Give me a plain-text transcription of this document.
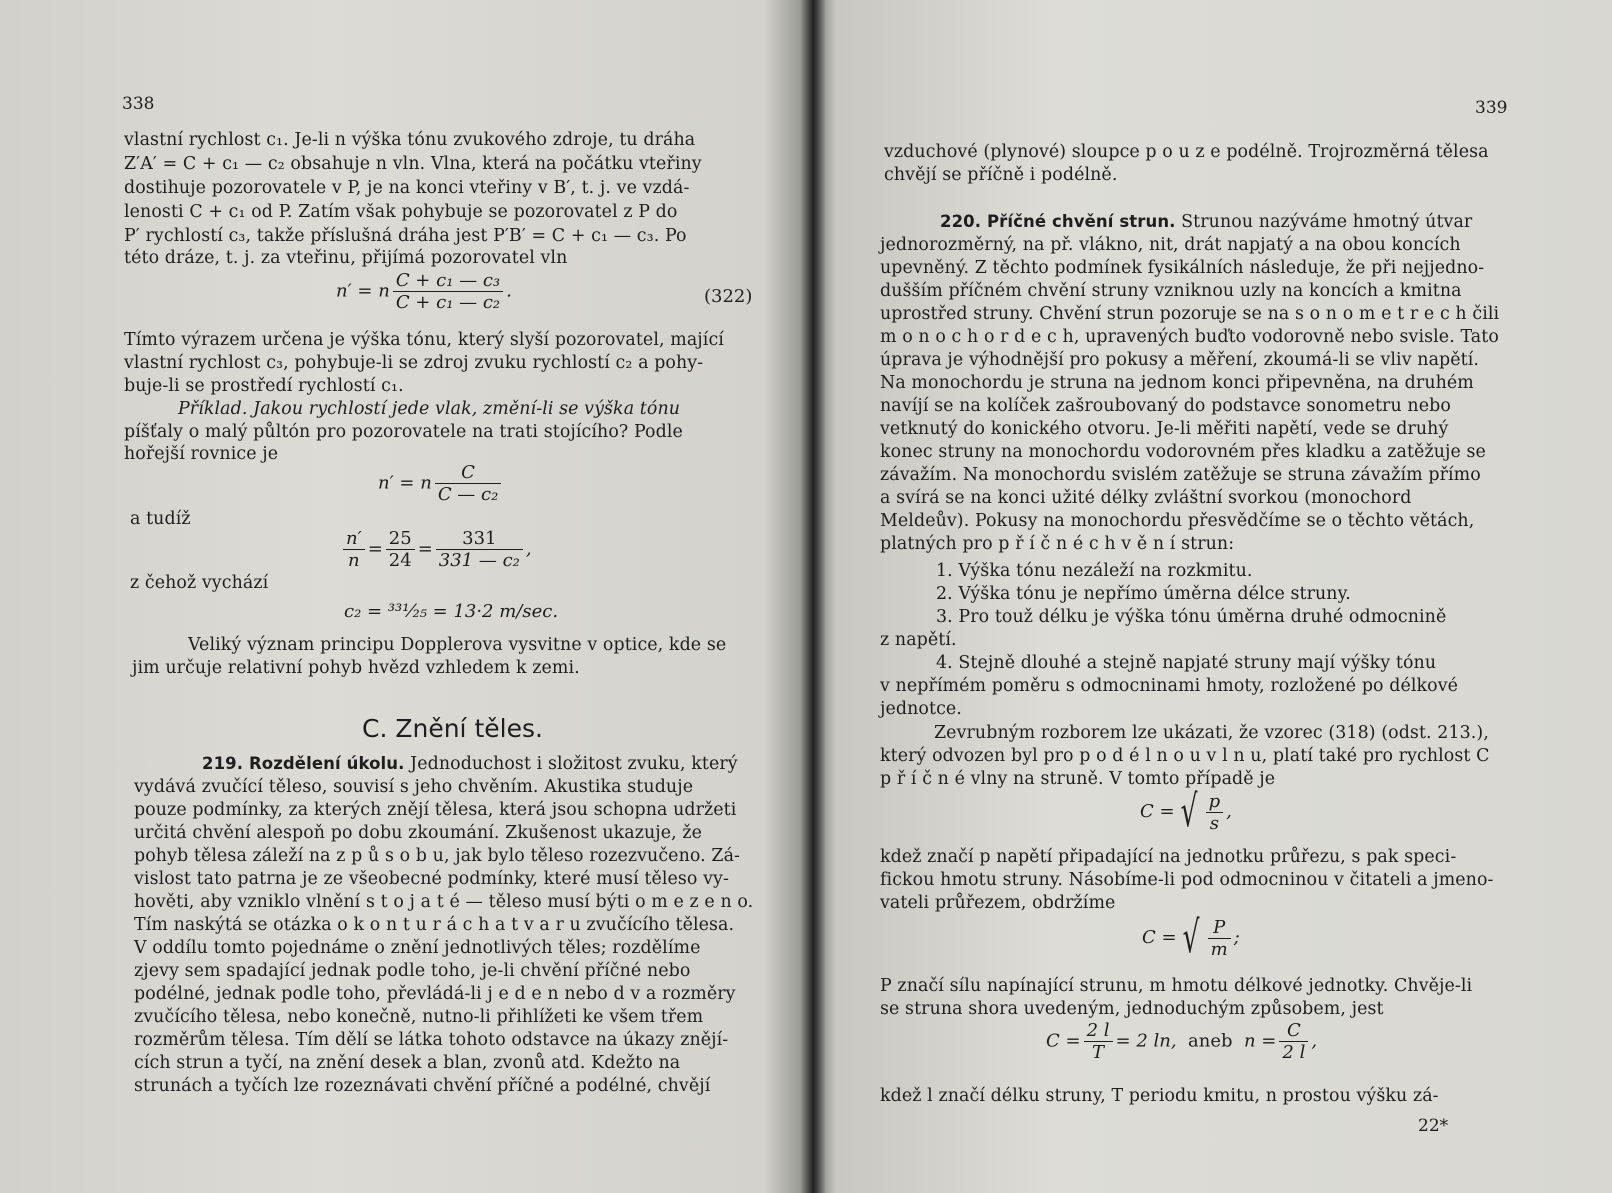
338
vlastní rychlost c₁. Je-li n výška tónu zvukového zdroje, tu dráha
Z′A′ = C + c₁ — c₂ obsahuje n vln. Vlna, která na počátku vteřiny
dostihuje pozorovatele v P, je na konci vteřiny v B′, t. j. ve vzdá-
lenosti C + c₁ od P. Zatím však pohybuje se pozorovatel z P do
P′ rychlostí c₃, takže příslušná dráha jest P′B′ = C + c₁ — c₃. Po
této dráze, t. j. za vteřinu, přijímá pozorovatel vln
n′ = n $\frac{\text{C + c₁ — c₃}}{\text{C + c₁ — c₂}}$ .	(322)
Tímto výrazem určena je výška tónu, který slyší pozorovatel, mající
vlastní rychlost c₃, pohybuje-li se zdroj zvuku rychlostí c₂ a pohy-
buje-li se prostředí rychlostí c₁.
Příklad. Jakou rychlostí jede vlak, změní-li se výška tónu
píšťaly o malý půltón pro pozorovatele na trati stojícího? Podle
hořejší rovnice je
n′ = n $\frac{C}{\text{C — c₂}}$
a tudíž
$\frac{n'}{n} = \frac{25}{24} = \frac{331}{\text{331 — c₂}}$ ,
z čehož vychází
c₂ = ³³¹⁄₂₅ = 13·2 m/sec.
Veliký význam principu Dopplerova vysvitne v optice, kde se
jim určuje relativní pohyb hvězd vzhledem k zemi.
C. Znění těles.
219. Rozdělení úkolu. Jednoduchost i složitost zvuku, který
vydává zvučící těleso, souvisí s jeho chvěním. Akustika studuje
pouze podmínky, za kterých znějí tělesa, která jsou schopna udržeti
určitá chvění alespoň po dobu zkoumání. Zkušenost ukazuje, že
pohyb tělesa záleží na z p ů s o b u, jak bylo těleso rozezvučeno. Zá-
vislost tato patrna je ze všeobecné podmínky, které musí těleso vy-
hověti, aby vzniklo vlnění s t o j a t é — těleso musí býti o m e z e n o.
Tím naskýtá se otázka o k o n t u r á c h a t v a r u zvučícího tělesa.
V oddílu tomto pojednáme o znění jednotlivých těles; rozdělíme
zjevy sem spadající jednak podle toho, je-li chvění příčné nebo
podélné, jednak podle toho, převládá-li j e d e n nebo d v a rozměry
zvučícího tělesa, nebo konečně, nutno-li přihlížeti ke všem třem
rozměrům tělesa. Tím dělí se látka tohoto odstavce na úkazy znějí-
cích strun a tyčí, na znění desek a blan, zvonů atd. Kdežto na
strunách a tyčích lze rozeznávati chvění příčné a podélné, chvějí
339
vzduchové (plynové) sloupce p o u z e podélně. Trojrozměrná tělesa
chvějí se příčně i podélně.
220. Příčné chvění strun. Strunou nazýváme hmotný útvar
jednorozměrný, na př. vlákno, nit, drát napjatý a na obou koncích
upevněný. Z těchto podmínek fysikálních následuje, že při nejjedno-
dušším příčném chvění struny vzniknou uzly na koncích a kmitna
uprostřed struny. Chvění strun pozoruje se na s o n o m e t r e c h čili
m o n o c h o r d e c h, upravených buďto vodorovně nebo svisle. Tato
úprava je výhodnější pro pokusy a měření, zkoumá-li se vliv napětí.
Na monochordu je struna na jednom konci připevněna, na druhém
navíjí se na kolíček zašroubovaný do podstavce sonometru nebo
vetknutý do konického otvoru. Je-li měřiti napětí, vede se druhý
konec struny na monochordu vodorovném přes kladku a zatěžuje se
závažím. Na monochordu svislém zatěžuje se struna závažím přímo
a svírá se na konci užité délky zvláštní svorkou (monochord
Meldeův). Pokusy na monochordu přesvědčíme se o těchto větách,
platných pro p ř í č n é c h v ě n í strun:
1. Výška tónu nezáleží na rozkmitu.
2. Výška tónu je nepřímo úměrna délce struny.
3. Pro touž délku je výška tónu úměrna druhé odmocnině
z napětí.
4. Stejně dlouhé a stejně napjaté struny mají výšky tónu
v nepřímém poměru s odmocninami hmoty, rozložené po délkové
jednotce.
Zevrubným rozborem lze ukázati, že vzorec (318) (odst. 213.),
který odvozen byl pro p o d é l n o u v l n u, platí také pro rychlost C
p ř í č n é vlny na struně. V tomto případě je
C = √ $\frac{p}{s}$ ,
kdež značí p napětí připadající na jednotku průřezu, s pak speci-
fickou hmotu struny. Násobíme-li pod odmocninou v čitateli a jmeno-
vateli průřezem, obdržíme
C = √ $\frac{P}{m}$ ;
P značí sílu napínající strunu, m hmotu délkové jednotky. Chvěje-li
se struna shora uvedeným, jednoduchým způsobem, jest
$C = \frac{2 l}{T} = 2$ ln, aneb $n = \frac{C}{2 l}$ ,
kdež l značí délku struny, T periodu kmitu, n prostou výšku zá-
22*
